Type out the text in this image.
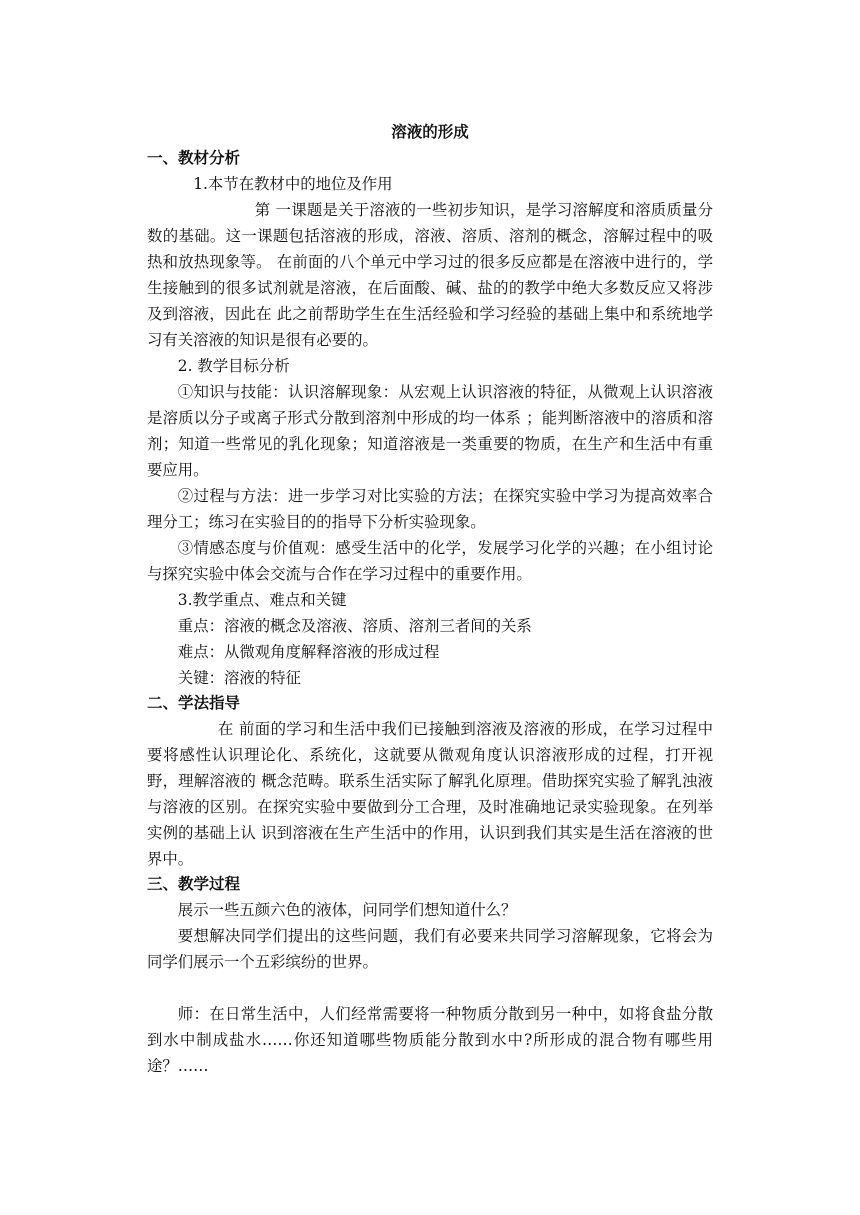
溶液的形成
一、教材分析

1.本节在教材中的地位及作用

第 一课题是关于溶液的一些初步知识，是学习溶解度和溶质质量分数的基础。这一课题包括溶液的形成，溶液、溶质、溶剂的概念，溶解过程中的吸热和放热现象等。 在前面的八个单元中学习过的很多反应都是在溶液中进行的，学生接触到的很多试剂就是溶液，在后面酸、碱、盐的的教学中绝大多数反应又将涉及到溶液，因此在 此之前帮助学生在生活经验和学习经验的基础上集中和系统地学习有关溶液的知识是很有必要的。

2. 教学目标分析

①知识与技能：认识溶解现象：从宏观上认识溶液的特征，从微观上认识溶液是溶质以分子或离子形式分散到溶剂中形成的均一体系 ；能判断溶液中的溶质和溶剂；知道一些常见的乳化现象；知道溶液是一类重要的物质，在生产和生活中有重要应用。

②过程与方法：进一步学习对比实验的方法；在探究实验中学习为提高效率合理分工；练习在实验目的的指导下分析实验现象。

③情感态度与价值观：感受生活中的化学，发展学习化学的兴趣；在小组讨论与探究实验中体会交流与合作在学习过程中的重要作用。

3.教学重点、难点和关键

重点：溶液的概念及溶液、溶质、溶剂三者间的关系

难点：从微观角度解释溶液的形成过程

关键：溶液的特征

二、学法指导

在 前面的学习和生活中我们已接触到溶液及溶液的形成，在学习过程中要将感性认识理论化、系统化，这就要从微观角度认识溶液形成的过程，打开视野，理解溶液的 概念范畴。联系生活实际了解乳化原理。借助探究实验了解乳浊液与溶液的区别。在探究实验中要做到分工合理，及时准确地记录实验现象。在列举实例的基础上认 识到溶液在生产生活中的作用，认识到我们其实是生活在溶液的世界中。

三、教学过程

展示一些五颜六色的液体，问同学们想知道什么？

要想解决同学们提出的这些问题，我们有必要来共同学习溶解现象，它将会为同学们展示一个五彩缤纷的世界。

师：在日常生活中，人们经常需要将一种物质分散到另一种中，如将食盐分散到水中制成盐水……你还知道哪些物质能分散到水中?所形成的混合物有哪些用途？……
